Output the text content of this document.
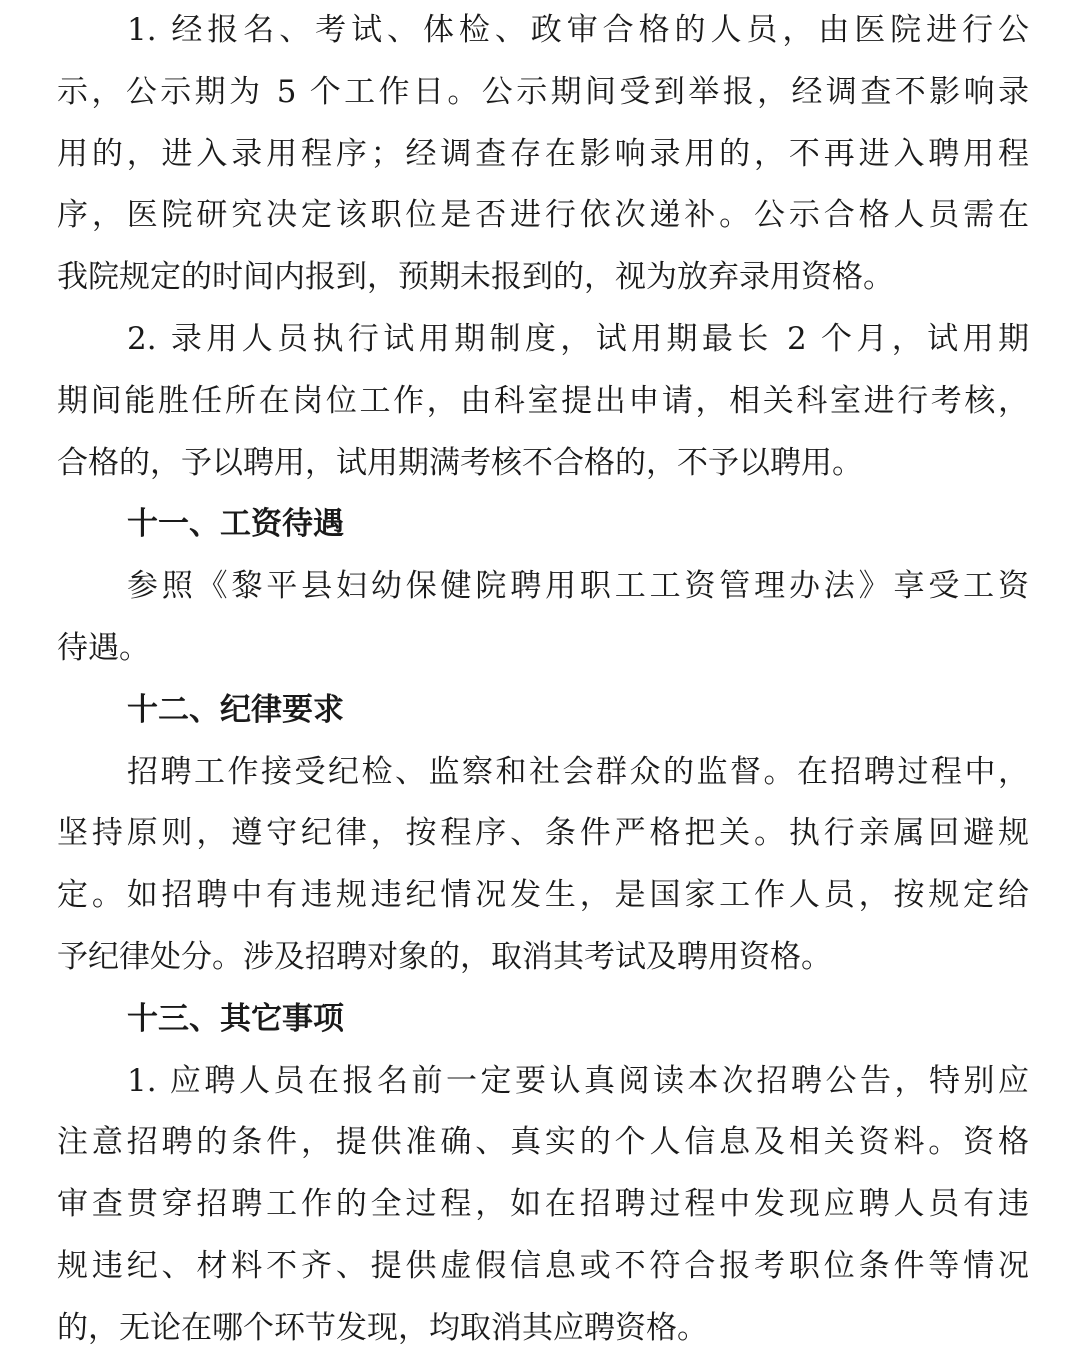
1. 经报名、考试、体检、政审合格的人员，由医院进行公
示，公示期为 5 个工作日。公示期间受到举报，经调查不影响录
用的，进入录用程序；经调查存在影响录用的，不再进入聘用程
序，医院研究决定该职位是否进行依次递补。公示合格人员需在
我院规定的时间内报到，预期未报到的，视为放弃录用资格。
2. 录用人员执行试用期制度，试用期最长 2 个月，试用期
期间能胜任所在岗位工作，由科室提出申请，相关科室进行考核，
合格的，予以聘用，试用期满考核不合格的，不予以聘用。
十一、工资待遇
参照《黎平县妇幼保健院聘用职工工资管理办法》享受工资
待遇。
十二、纪律要求
招聘工作接受纪检、监察和社会群众的监督。在招聘过程中，
坚持原则，遵守纪律，按程序、条件严格把关。执行亲属回避规
定。如招聘中有违规违纪情况发生，是国家工作人员，按规定给
予纪律处分。涉及招聘对象的，取消其考试及聘用资格。
十三、其它事项
1. 应聘人员在报名前一定要认真阅读本次招聘公告，特别应
注意招聘的条件，提供准确、真实的个人信息及相关资料。资格
审查贯穿招聘工作的全过程，如在招聘过程中发现应聘人员有违
规违纪、材料不齐、提供虚假信息或不符合报考职位条件等情况
的，无论在哪个环节发现，均取消其应聘资格。
